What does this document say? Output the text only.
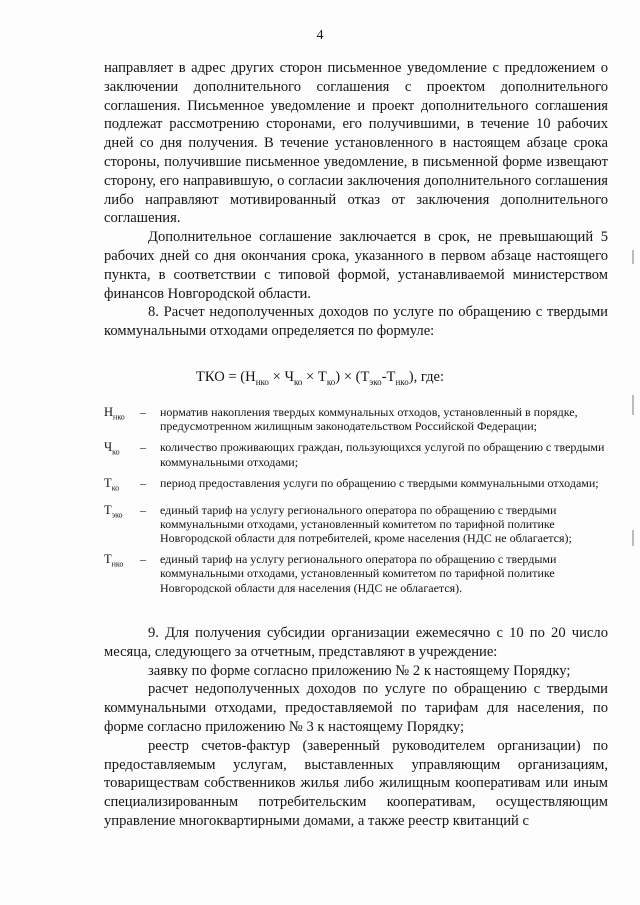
4

направляет в адрес других сторон письменное уведомление с предложением о заключении дополнительного соглашения с проектом дополнительного соглашения. Письменное уведомление и проект дополнительного соглашения подлежат рассмотрению сторонами, его получившими, в течение 10 рабочих дней со дня получения. В течение установленного в настоящем абзаце срока стороны, получившие письменное уведомление, в письменной форме извещают сторону, его направившую, о согласии заключения дополнительного соглашения либо направляют мотивированный отказ от заключения дополнительного соглашения.

Дополнительное соглашение заключается в срок, не превышающий 5 рабочих дней со дня окончания срока, указанного в первом абзаце настоящего пункта, в соответствии с типовой формой, устанавливаемой министерством финансов Новгородской области.

8. Расчет недополученных доходов по услуге по обращению с твердыми коммунальными отходами определяется по формуле:

ТКО = $(Н_{нко} \times Ч_{ко} \times Т_{ко}) \times (Т_{эко}-Т_{нко})$, где:
$Н_{нко}$	–	норматив накопления твердых коммунальных отходов, установленный в порядке, предусмотренном жилищным законодательством Российской Федерации;
$Ч_{ко}$	–	количество проживающих граждан, пользующихся услугой по обращению с твердыми коммунальными отходами;
$Т_{ко}$	–	период предоставления услуги по обращению с твердыми коммунальными отходами;
$Т_{эко}$	–	единый тариф на услугу регионального оператора по обращению с твердыми коммунальными отходами, установленный комитетом по тарифной политике Новгородской области для потребителей, кроме населения (НДС не облагается);
$Т_{нко}$	–	единый тариф на услугу регионального оператора по обращению с твердыми коммунальными отходами, установленный комитетом по тарифной политике Новгородской области для населения (НДС не облагается).

9. Для получения субсидии организации ежемесячно с 10 по 20 число месяца, следующего за отчетным, представляют в учреждение:

заявку по форме согласно приложению № 2 к настоящему Порядку;

расчет недополученных доходов по услуге по обращению с твердыми коммунальными отходами, предоставляемой по тарифам для населения, по форме согласно приложению № 3 к настоящему Порядку;

реестр счетов-фактур (заверенный руководителем организации) по предоставляемым услугам, выставленных управляющим организациям, товариществам собственников жилья либо жилищным кооперативам или иным специализированным потребительским кооперативам, осуществляющим управление многоквартирными домами, а также реестр квитанций с
